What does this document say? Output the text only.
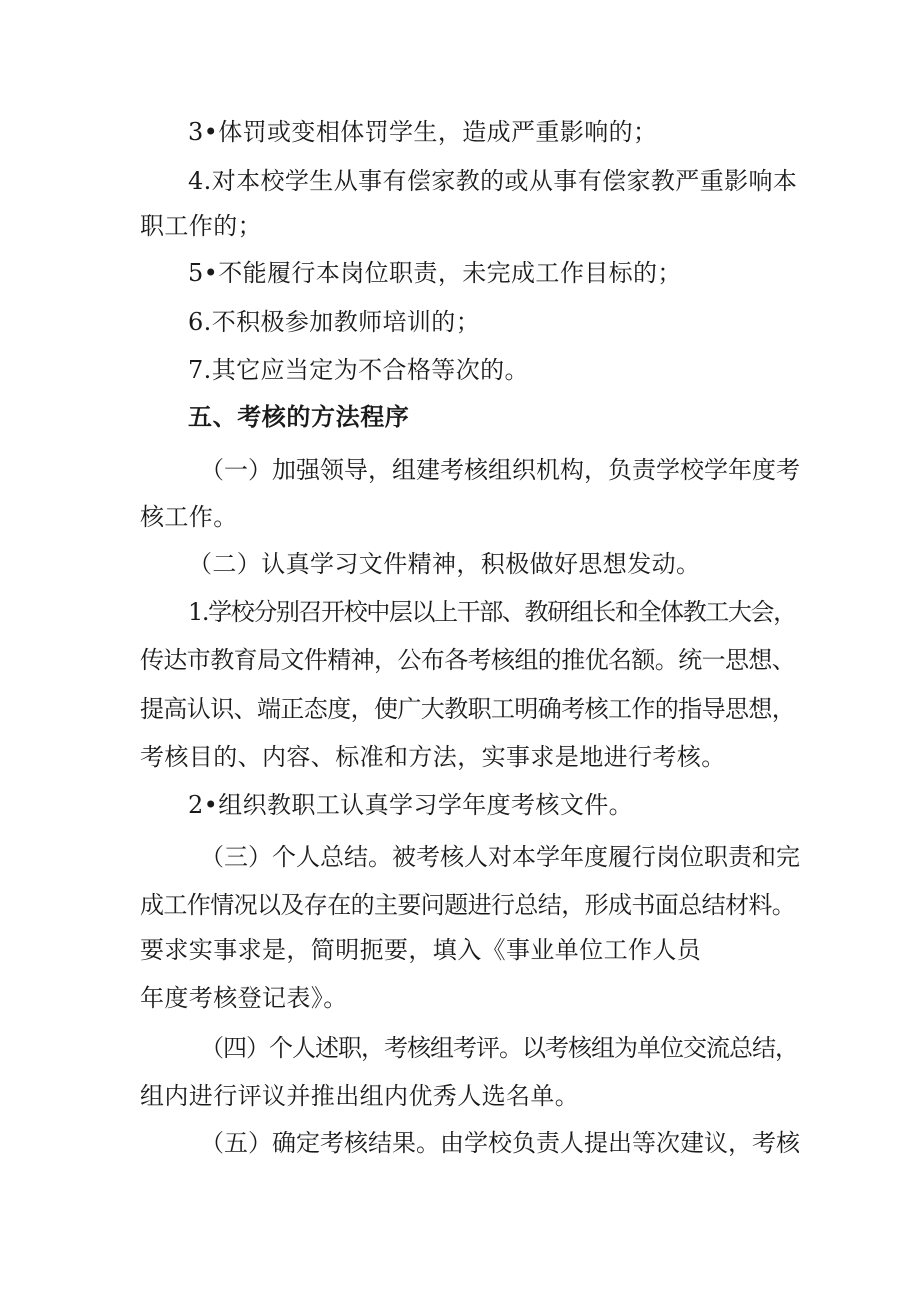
3•体罚或变相体罚学生，造成严重影响的；
4.对本校学生从事有偿家教的或从事有偿家教严重影响本
职工作的；
5•不能履行本岗位职责，未完成工作目标的；
6.不积极参加教师培训的；
7.其它应当定为不合格等次的。
五、考核的方法程序
（一）加强领导，组建考核组织机构，负责学校学年度考
核工作。
（二）认真学习文件精神，积极做好思想发动。
1.学校分别召开校中层以上干部、教研组长和全体教工大会，
传达市教育局文件精神，公布各考核组的推优名额。统一思想、
提高认识、端正态度，使广大教职工明确考核工作的指导思想，
考核目的、内容、标准和方法，实事求是地进行考核。
2•组织教职工认真学习学年度考核文件。
（三）个人总结。被考核人对本学年度履行岗位职责和完
成工作情况以及存在的主要问题进行总结，形成书面总结材料。
要求实事求是，简明扼要，填入《事业单位工作人员
年度考核登记表》。
（四）个人述职，考核组考评。以考核组为单位交流总结，
组内进行评议并推出组内优秀人选名单。
（五）确定考核结果。由学校负责人提出等次建议，考核
